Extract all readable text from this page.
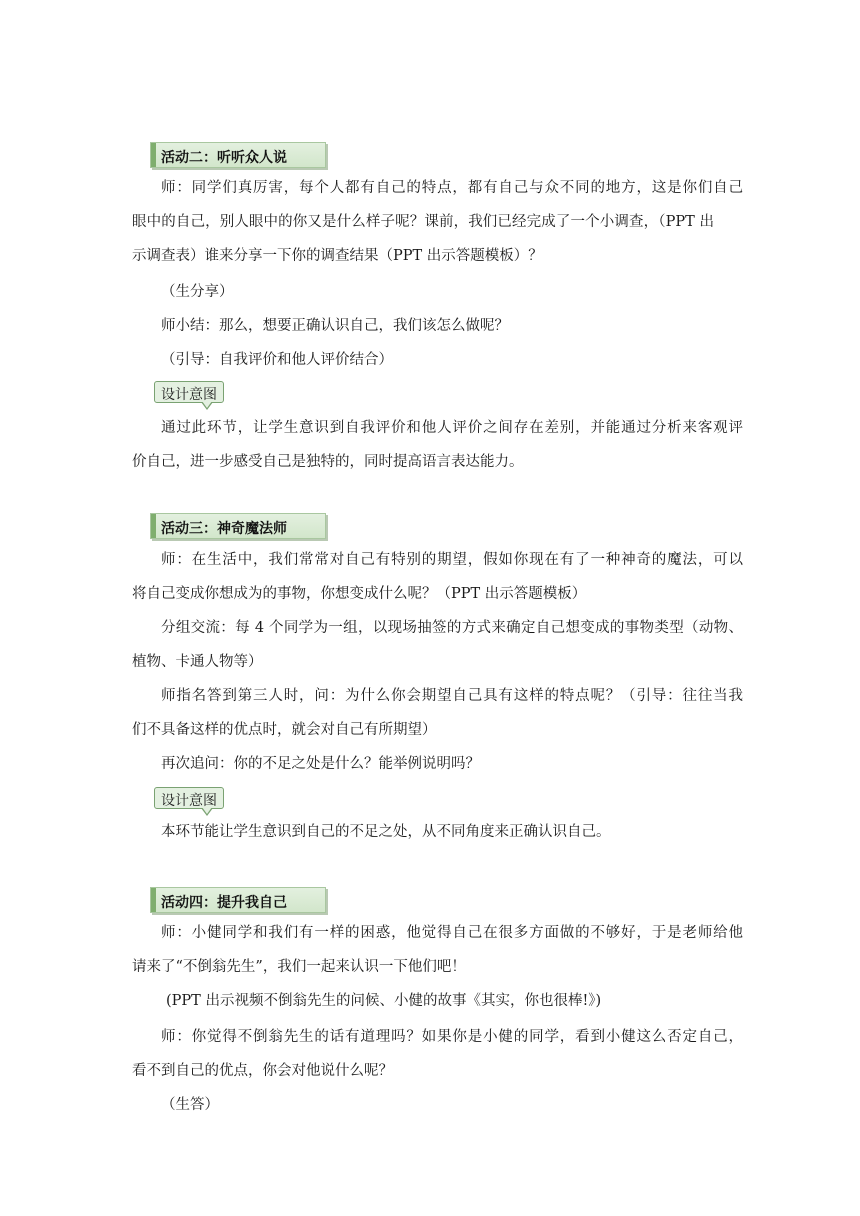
活动二：听听众人说
师：同学们真厉害，每个人都有自己的特点，都有自己与众不同的地方，这是你们自己
眼中的自己，别人眼中的你又是什么样子呢？课前，我们已经完成了一个小调查，（PPT 出
示调查表）谁来分享一下你的调查结果（PPT 出示答题模板）？
（生分享）
师小结：那么，想要正确认识自己，我们该怎么做呢？
（引导：自我评价和他人评价结合）
设计意图
通过此环节，让学生意识到自我评价和他人评价之间存在差别，并能通过分析来客观评
价自己，进一步感受自己是独特的，同时提高语言表达能力。
活动三：神奇魔法师
师：在生活中，我们常常对自己有特别的期望，假如你现在有了一种神奇的魔法，可以
将自己变成你想成为的事物，你想变成什么呢？（PPT 出示答题模板）
分组交流：每 4 个同学为一组，以现场抽签的方式来确定自己想变成的事物类型（动物、
植物、卡通人物等）
师指名答到第三人时，问：为什么你会期望自己具有这样的特点呢？（引导：往往当我
们不具备这样的优点时，就会对自己有所期望）
再次追问：你的不足之处是什么？能举例说明吗？
设计意图
本环节能让学生意识到自己的不足之处，从不同角度来正确认识自己。
活动四：提升我自己
师：小健同学和我们有一样的困惑，他觉得自己在很多方面做的不够好，于是老师给他
请来了“不倒翁先生”，我们一起来认识一下他们吧！
(PPT 出示视频不倒翁先生的问候、小健的故事《其实，你也很棒!》)
师：你觉得不倒翁先生的话有道理吗？如果你是小健的同学，看到小健这么否定自己，
看不到自己的优点，你会对他说什么呢？
（生答）
